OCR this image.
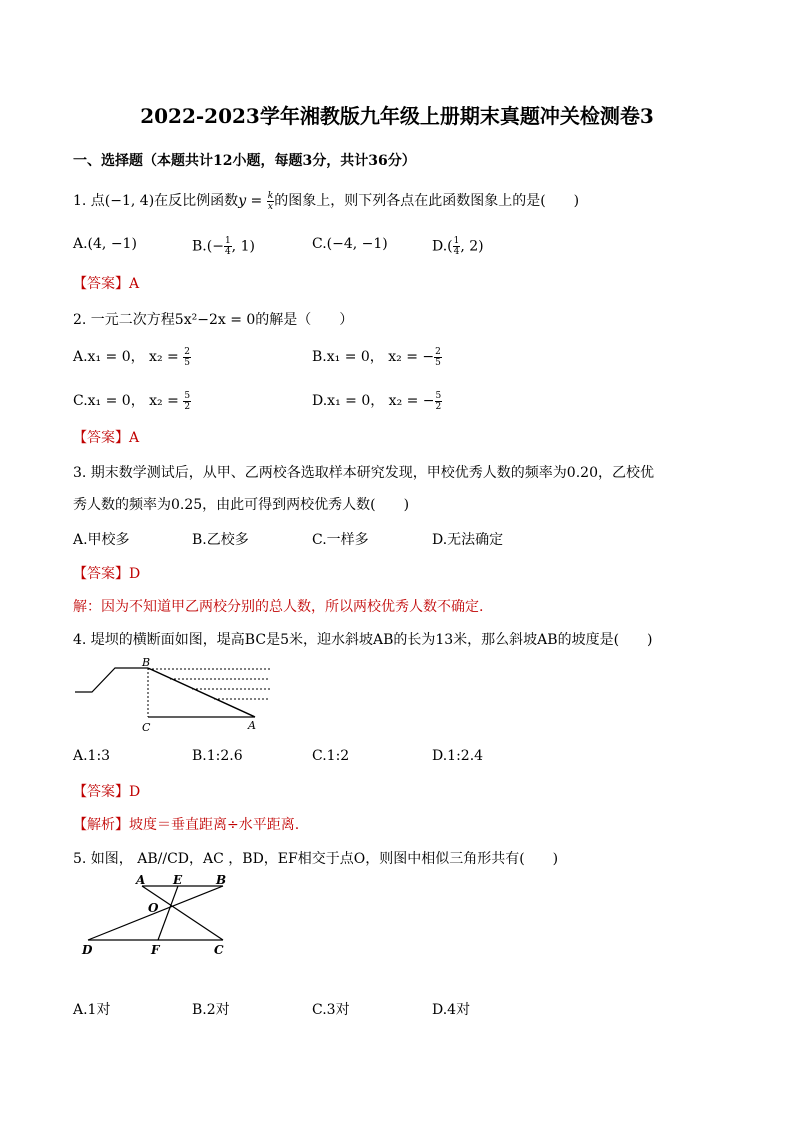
2022-2023学年湘教版九年级上册期末真题冲关检测卷3
一、选择题（本题共计12小题，每题3分，共计36分）
1. 点(−1, 4)在反比例函数$y = \frac{k}{x}$ 的图象上，则下列各点在此函数图象上的是(　　)
A.(4, −1)	$B.(- \frac{1}{4}$ , 1)	C.(−4, −1)	$D.( \frac{1}{4}$ , 2)
【答案】A
2. 一元二次方程5x²−2x = 0的解是（　　）
A.x₁ = 0， $x_2 = \frac{2}{5}$	B.x₁ = 0， x₂ = − $\frac{2}{5}$
C.x₁ = 0， $x_2 = \frac{5}{2}$	D.x₁ = 0， x₂ = − $\frac{5}{2}$
【答案】A
3. 期末数学测试后，从甲、乙两校各选取样本研究发现，甲校优秀人数的频率为0.20，乙校优
秀人数的频率为0.25，由此可得到两校优秀人数(　　)
A.甲校多	B.乙校多	C.一样多	D.无法确定
【答案】D
解：因为不知道甲乙两校分别的总人数，所以两校优秀人数不确定.
4. 堤坝的横断面如图，堤高BC是5米，迎水斜坡AB的长为13米，那么斜坡AB的坡度是(　　)
B
C	A
A.1:3	B.1:2.6	C.1:2	D.1:2.4
【答案】D
【解析】坡度＝垂直距离÷水平距离.
5. 如图， AB//CD，AC ，BD，EF相交于点O，则图中相似三角形共有(　　)
A E	B
O
D	F	C
A.1对	B.2对	C.3对	D.4对
